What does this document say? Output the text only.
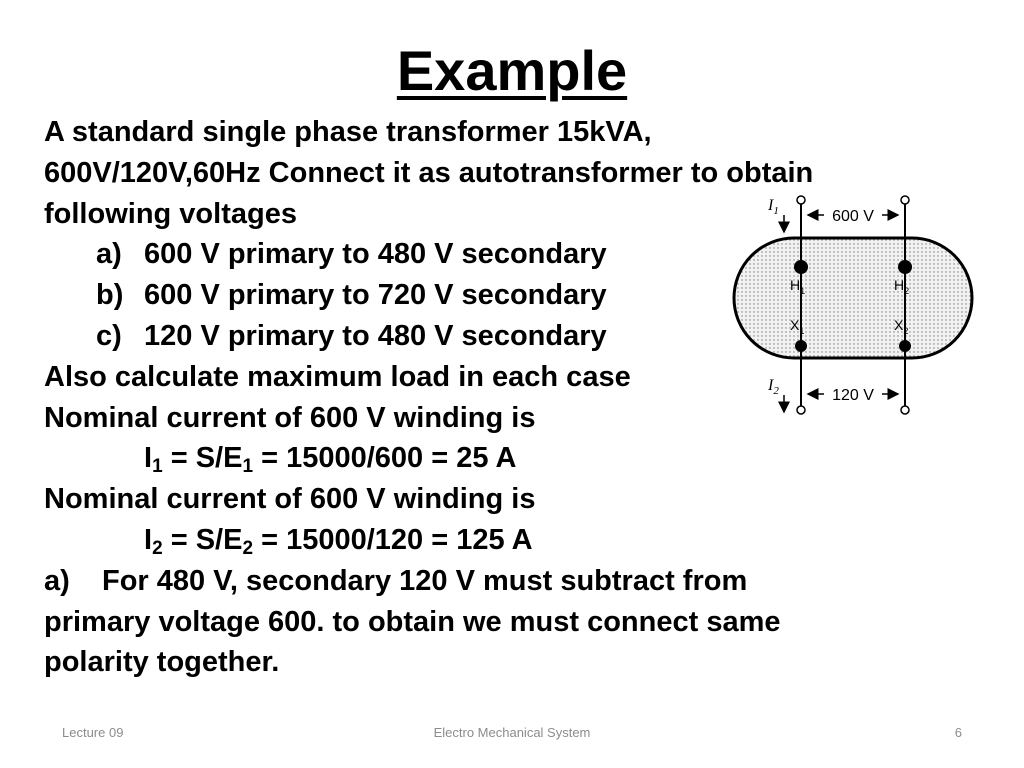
Example
A standard single phase transformer 15kVA,
600V/120V,60Hz Connect it as autotransformer to obtain
following voltages
a) 600 V primary to 480 V secondary
b) 600 V primary to 720 V secondary
c) 120 V primary to 480 V secondary
Also calculate maximum load in each case
Nominal current of 600 V winding is
$I_1 = S/E_1 = 15000/600 = 25$ A
Nominal current of 600 V winding is
$I_2 = S/E_2 = 15000/120 = 125$ A
a) For 480 V, secondary 120 V must subtract from
primary voltage 600. to obtain we must connect same
polarity together.
$I_1$
$I_2$
600 V
120 V
$H_1$	$H_2$
$X_1$	$X_2$
Lecture 09	Electro Mechanical System	6
